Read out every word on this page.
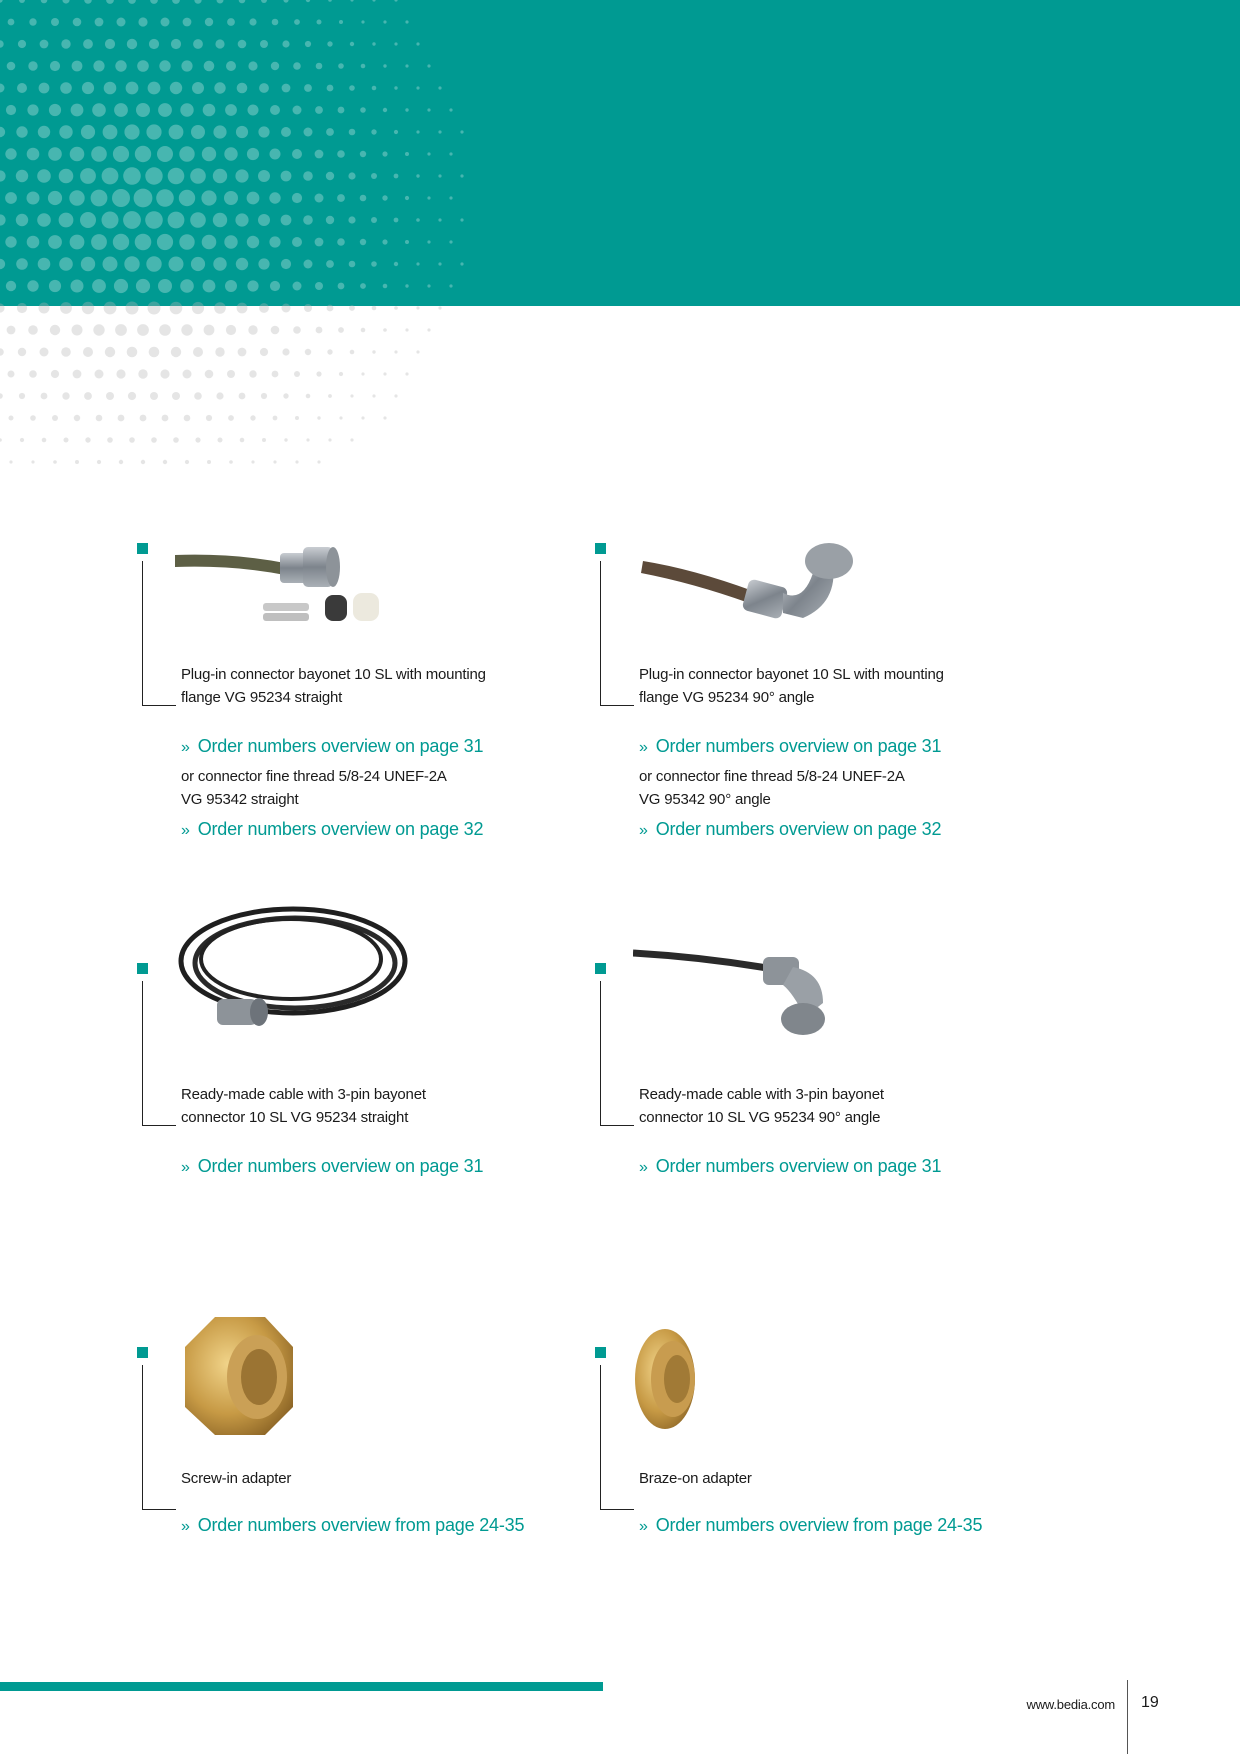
Plug-in connector bayonet 10 SL with mounting
flange VG 95234 straight
» Order numbers overview on page 31
or connector fine thread 5/8-24 UNEF-2A
VG 95342 straight
» Order numbers overview on page 32
Plug-in connector bayonet 10 SL with mounting
flange VG 95234 90° angle
» Order numbers overview on page 31
or connector fine thread 5/8-24 UNEF-2A
VG 95342 90° angle
» Order numbers overview on page 32
Ready-made cable with 3-pin bayonet
connector 10 SL VG 95234 straight
» Order numbers overview on page 31
Ready-made cable with 3-pin bayonet
connector 10 SL VG 95234 90° angle
» Order numbers overview on page 31
Screw-in adapter
» Order numbers overview from page 24-35
Braze-on adapter
» Order numbers overview from page 24-35
www.bedia.com 19
